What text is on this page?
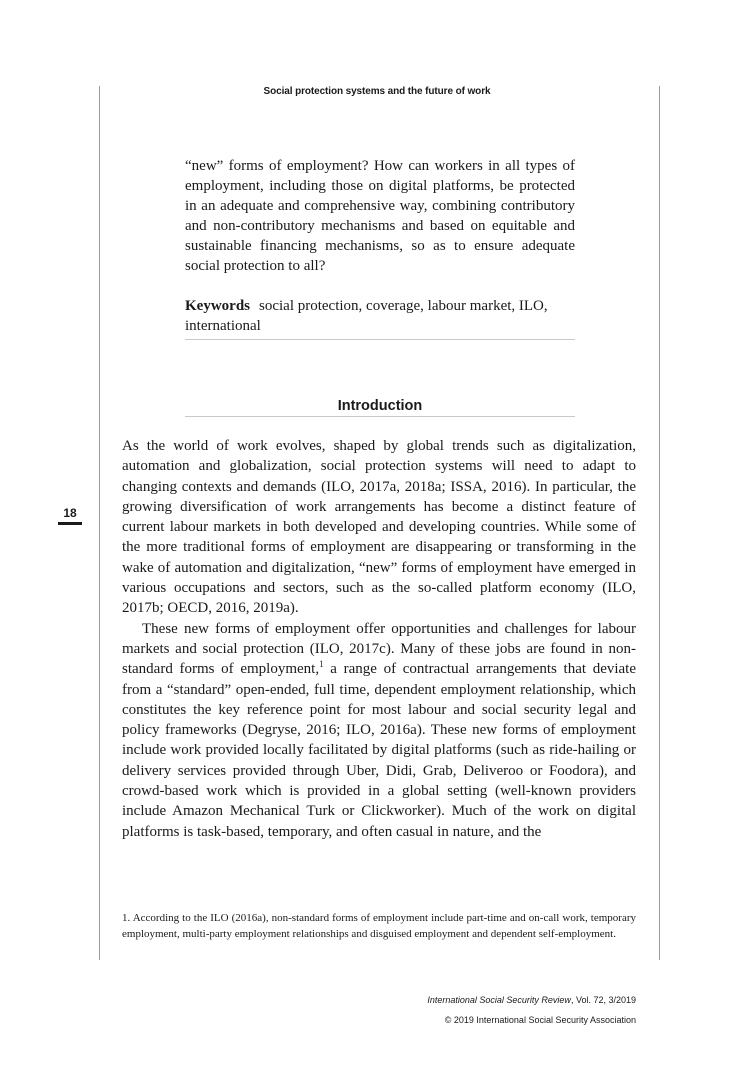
Social protection systems and the future of work

“new” forms of employment? How can workers in all types of employment, including those on digital platforms, be protected in an adequate and comprehensive way, combining contributory and non-contributory mechanisms and based on equitable and sustainable financing mechanisms, so as to ensure adequate social protection to all?

Keywords social protection, coverage, labour market, ILO, international

Introduction
18

As the world of work evolves, shaped by global trends such as digitalization, automation and globalization, social protection systems will need to adapt to changing contexts and demands (ILO, 2017a, 2018a; ISSA, 2016). In particular, the growing diversification of work arrangements has become a distinct feature of current labour markets in both developed and developing countries. While some of the more traditional forms of employment are disappearing or transforming in the wake of automation and digitalization, “new” forms of employment have emerged in various occupations and sectors, such as the so-called platform economy (ILO, 2017b; OECD, 2016, 2019a).

These new forms of employment offer opportunities and challenges for labour markets and social protection (ILO, 2017c). Many of these jobs are found in non-standard forms of employment,$^1$ a range of contractual arrangements that deviate from a “standard” open-ended, full time, dependent employment relationship, which constitutes the key reference point for most labour and social security legal and policy frameworks (Degryse, 2016; ILO, 2016a). These new forms of employment include work provided locally facilitated by digital platforms (such as ride-hailing or delivery services provided through Uber, Didi, Grab, Deliveroo or Foodora), and crowd-based work which is provided in a global setting (well-known providers include Amazon Mechanical Turk or Clickworker). Much of the work on digital platforms is task-based, temporary, and often casual in nature, and the

1. According to the ILO (2016a), non-standard forms of employment include part-time and on-call work, temporary employment, multi-party employment relationships and disguised employment and dependent self-employment.

International Social Security Review, Vol. 72, 3/2019
© 2019 International Social Security Association
